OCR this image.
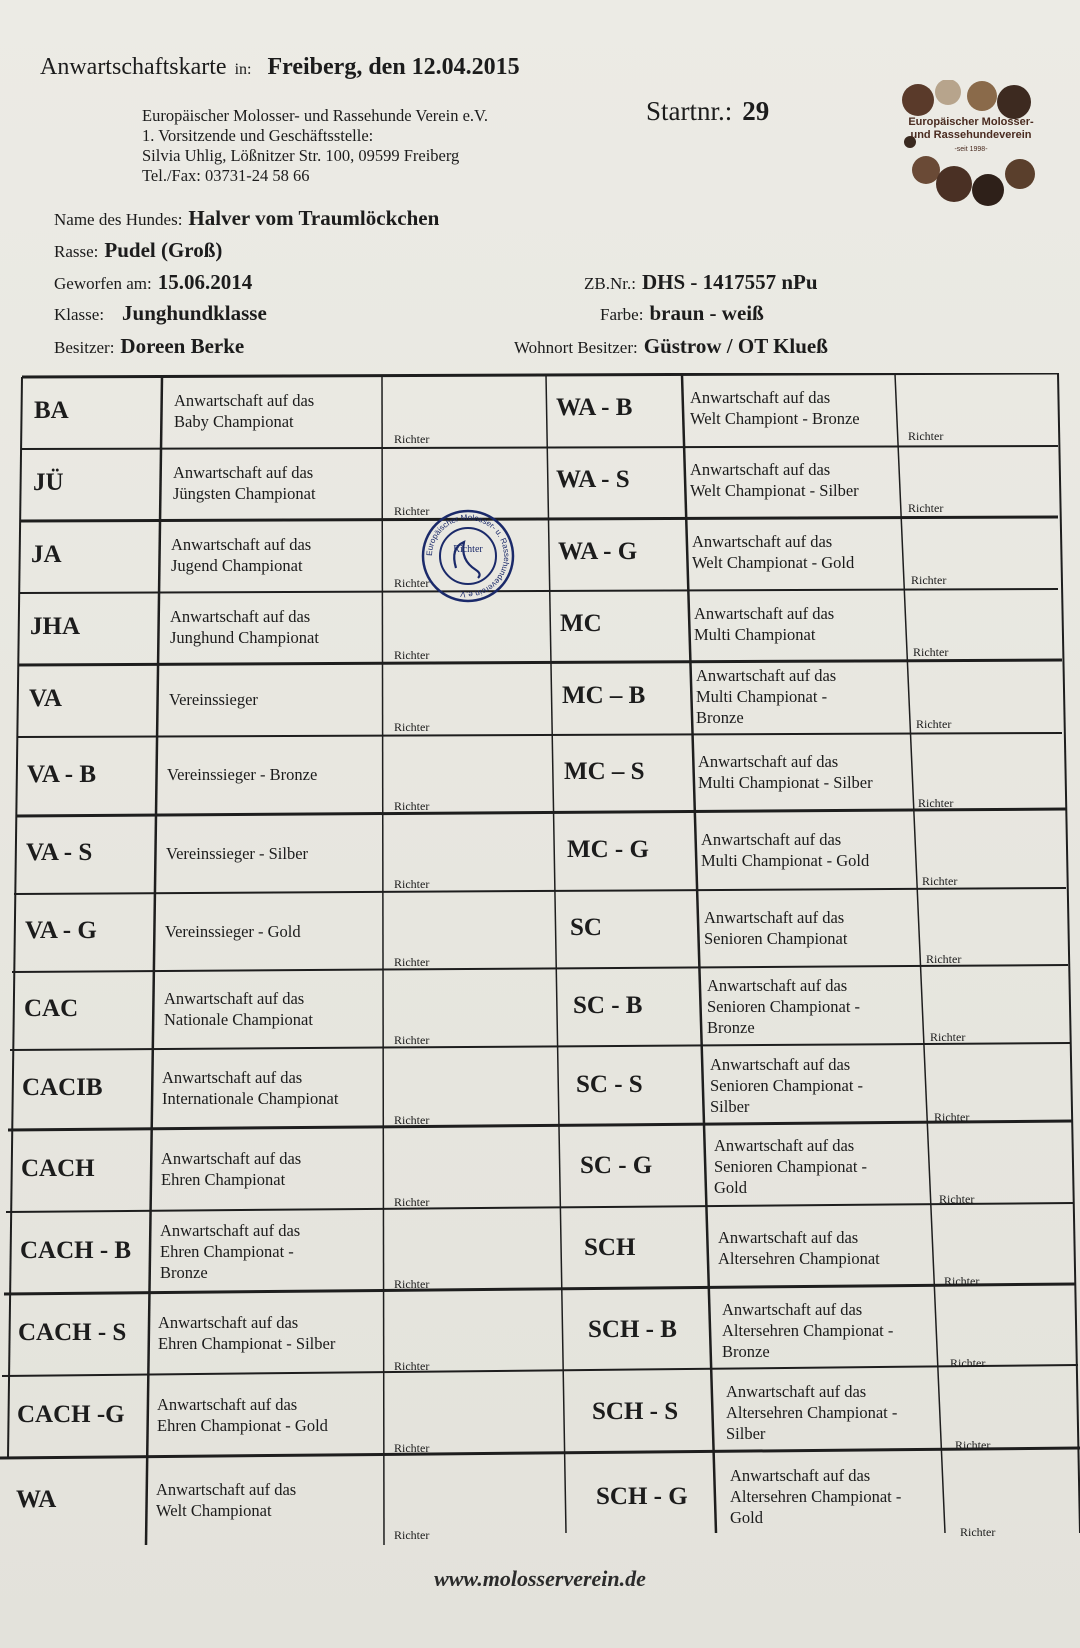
Anwartschaftskarte in: Freiberg, den 12.04.2015
Europäischer Molosser- und Rassehunde Verein e.V.
1. Vorsitzende und Geschäftsstelle:
Silvia Uhlig, Lößnitzer Str. 100, 09599 Freiberg
Tel./Fax: 03731-24 58 66
Startnr.: 29	Europäischer Molosser-
und Rassehundeverein
-seit 1998-
Name des Hundes: Halver vom Traumlöckchen
Rasse: Pudel (Groß)
Geworfen am: 15.06.2014
Klasse: Junghundklasse
Besitzer: Doreen Berke
ZB.Nr.: DHS - 1417557 nPu
Farbe: braun - weiß
Wohnort Besitzer: Güstrow / OT Klueß
BA	Anwartschaft auf das
Baby Championat
Richter
JÜ	Anwartschaft auf das
Jüngsten Championat
Richter
JA	Anwartschaft auf das
Jugend Championat
Richter
JHA	Anwartschaft auf das
Junghund Championat
Richter
VA	Vereinssieger
Richter
VA - B	Vereinssieger - Bronze
Richter
VA - S	Vereinssieger - Silber
Richter
VA - G	Vereinssieger - Gold
Richter
CAC	Anwartschaft auf das
Nationale Championat
Richter
CACIB	Anwartschaft auf das
Internationale Championat
Richter
CACH	Anwartschaft auf das
Ehren Championat
Richter
CACH - B
Anwartschaft auf das
Ehren Championat -
Bronze
Richter
CACH - S Anwartschaft auf das
Ehren Championat - Silber
Richter
CACH -G Anwartschaft auf das
Ehren Championat - Gold
Richter
WA	Anwartschaft auf das
Welt Championat
Richter
WA - B	Anwartschaft auf das
Welt Championt - Bronze
Richter
WA - S	Anwartschaft auf das
Welt Championat - Silber
Richter
WA - G	Anwartschaft auf das
Welt Championat - Gold
Richter
MC	Anwartschaft auf das
Multi Championat
Richter
MC – B
Anwartschaft auf das
Multi Championat -
Bronze	Richter
MC – S	Anwartschaft auf das
Multi Championat - Silber
Richter
MC - G	Anwartschaft auf das
Multi Championat - Gold
Richter
SC	Anwartschaft auf das
Senioren Championat
Richter
SC - B
Anwartschaft auf das
Senioren Championat -
Bronze
Richter
SC - S
Anwartschaft auf das
Senioren Championat -
Silber
Richter
SC - G
Anwartschaft auf das
Senioren Championat -
Gold
Richter
SCH	Anwartschaft auf das
Altersehren Championat
Richter
SCH - B
Anwartschaft auf das
Altersehren Championat -
Bronze
Richter
SCH - S
Anwartschaft auf das
Altersehren Championat -
Silber
Richter
SCH - G
Anwartschaft auf das
Altersehren Championat -
Gold
Richter
Europäischer Molosser- u. Rassehundeverein e.V.
Richter
www.molosserverein.de
